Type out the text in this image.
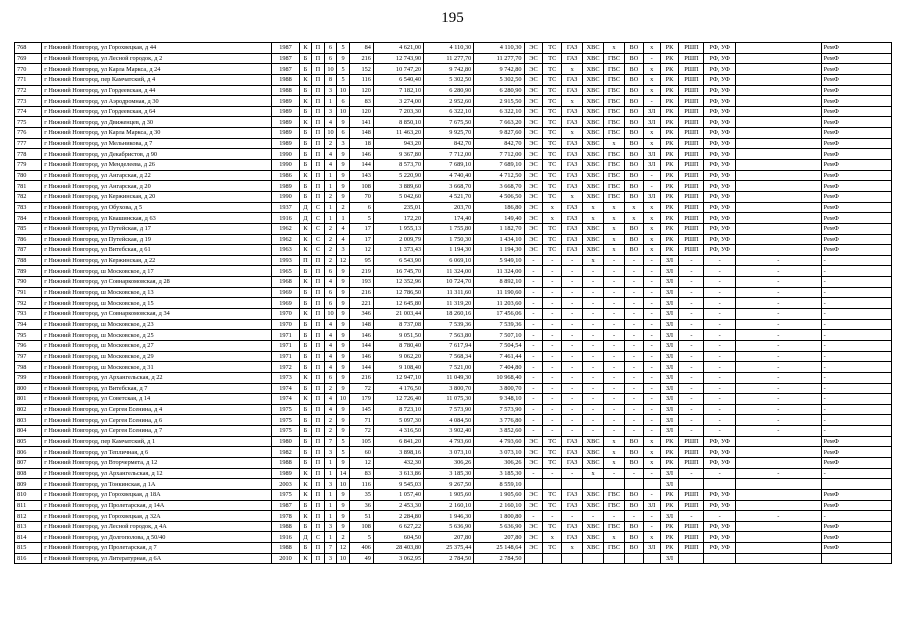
195
768	г Нижний Новгород, ул Горохвецкая, д 44	1987	К	П	6	5	84	4 621,00	4 110,30	4 110,30	ЭС	ТС	ГАЗ	ХВС	х	ВО	х	РК	РШП	РФ, УФ		РемФ
769	г Нижний Новгород, ул Лесной городок, д 2	1987	Б	П	6	9	216	12 743,90	11 277,70	11 277,70	ЭС	ТС	ГАЗ	ХВС	ГВС	ВО	-	РК	РШП	РФ, УФ		РемФ
770	г Нижний Новгород, ул Карла Маркса, д 24	1987	Б	П	10	5	152	10 747,20	9 742,80	9 742,80	ЭС	ТС	х	ХВС	ГВС	ВО	х	РК	РШП	РФ, УФ		РемФ
771	г Нижний Новгород, пер Камчатский, д 4	1988	К	П	8	5	116	6 540,40	5 302,50	5 302,50	ЭС	ТС	ГАЗ	ХВС	ГВС	ВО	х	РК	РШП	РФ, УФ		РемФ
772	г Нижний Новгород, ул Гордеевская, д 44	1988	Б	П	3	10	120	7 182,10	6 280,90	6 280,90	ЭС	ТС	ГАЗ	ХВС	ГВС	ВО	х	РК	РШП	РФ, УФ		РемФ
773	г Нижний Новгород, ул Аэродромная, д 30	1989	К	П	1	6	83	3 274,00	2 952,60	2 915,50	ЭС	ТС	х	ХВС	ГВС	ВО	-	РК	РШП	РФ, УФ		РемФ
774	г Нижний Новгород, ул Гордеевская, д 64	1989	Б	П	3	10	120	7 203,30	6 322,10	6 322,10	ЭС	ТС	ГАЗ	ХВС	ГВС	ВО	ЗЛ	РК	РШП	РФ, УФ		РемФ
775	г Нижний Новгород, ул Движенцев, д 30	1989	К	П	4	9	141	8 850,10	7 675,50	7 663,20	ЭС	ТС	ГАЗ	ХВС	ГВС	ВО	ЗЛ	РК	РШП	РФ, УФ		РемФ
776	г Нижний Новгород, ул Карла Маркса, д 30	1989	Б	П	10	6	148	11 463,20	9 925,70	9 827,60	ЭС	ТС	х	ХВС	ГВС	ВО	х	РК	РШП	РФ, УФ		РемФ
777	г Нижний Новгород, ул Мельникова, д 7	1989	Б	П	2	3	18	943,20	842,70	842,70	ЭС	ТС	ГАЗ	ХВС	х	ВО	х	РК	РШП	РФ, УФ		РемФ
778	г Нижний Новгород, ул Декабристов, д 90	1990	Б	П	4	9	146	9 367,80	7 712,00	7 712,00	ЭС	ТС	ГАЗ	ХВС	ГВС	ВО	ЗЛ	РК	РШП	РФ, УФ		РемФ
779	г Нижний Новгород, ул Менделеева, д 26	1990	Б	П	4	9	144	8 573,70	7 689,10	7 689,10	ЭС	ТС	ГАЗ	ХВС	ГВС	ВО	ЗЛ	РК	РШП	РФ, УФ		РемФ
780	г Нижний Новгород, ул Ангарская, д 22	1986	К	П	1	9	143	5 220,90	4 740,40	4 712,50	ЭС	ТС	ГАЗ	ХВС	ГВС	ВО	-	РК	РШП	РФ, УФ		РемФ
781	г Нижний Новгород, ул Ангарская, д 20	1989	Б	П	1	9	108	3 889,60	3 668,70	3 668,70	ЭС	ТС	ГАЗ	ХВС	ГВС	ВО	-	РК	РШП	РФ, УФ		РемФ
782	г Нижний Новгород, ул Кержинская, д 20	1990	Б	П	2	9	70	5 042,60	4 521,70	4 506,50	ЭС	ТС	х	ХВС	ГВС	ВО	ЗЛ	РК	РШП	РФ, УФ		РемФ
783	г Нижний Новгород, ул Обухова, д 5	1937	Д	С	1	2	6	235,01	203,70	186,80	ЭС	х	ГАЗ	х	х	х	х	РК	РШП	РФ, УФ		РемФ
784	г Нижний Новгород, ул Квашинская, д 63	1916	Д	С	1	1	5	172,20	174,40	149,40	ЭС	х	ГАЗ	х	х	х	х	РК	РШП	РФ, УФ		РемФ
785	г Нижний Новгород, ул Путейская, д 17	1962	К	С	2	4	17	1 955,13	1 755,80	1 182,70	ЭС	ТС	ГАЗ	ХВС	х	ВО	х	РК	РШП	РФ, УФ		РемФ
786	г Нижний Новгород, ул Путейская, д 19	1962	К	С	2	4	17	2 009,79	1 750,30	1 434,10	ЭС	ТС	ГАЗ	ХВС	х	ВО	х	РК	РШП	РФ, УФ		РемФ
787	г Нижний Новгород, ул Витебская, д 61	1963	К	С	2	3	12	1 373,43	1 194,30	1 194,30	ЭС	ТС	ГАЗ	ХВС	х	ВО	х	РК	РШП	РФ, УФ		РемФ
788	г Нижний Новгород, ул Кержинская, д 22	1993	П	П	2	12	95	6 543,90	6 069,10	5 949,10	-	-	-	х	-	-	-	ЗЛ	-	-	-	-
789	г Нижний Новгород, ш Московское, д 17	1965	Б	П	6	9	219	16 745,70	11 324,00	11 324,00	-	-	-	-	-	-	-	ЗЛ	-	-	-	-
790	г Нижний Новгород, ул Совнаркомовская, д 28	1968	К	П	4	9	193	12 352,96	10 724,70	8 892,10	-	-	-	-	-	-	-	ЗЛ	-	-	-	-
791	г Нижний Новгород, ш Московское, д 13	1969	Б	П	6	9	216	12 786,50	11 311,60	11 190,60	-	-	-	-	-	-	-	ЗЛ	-	-	-	-
792	г Нижний Новгород, ш Московское, д 15	1969	Б	П	6	9	221	12 645,80	11 319,20	11 203,60	-	-	-	-	-	-	-	ЗЛ	-	-	-	-
793	г Нижний Новгород, ул Совнаркомовская, д 34	1970	К	П	10	9	346	21 003,44	18 260,16	17 456,06	-	-	-	-	-	-	-	ЗЛ	-	-	-	-
794	г Нижний Новгород, ш Московское, д 23	1970	Б	П	4	9	148	8 737,08	7 539,36	7 539,36	-	-	-	-	-	-	-	ЗЛ	-	-	-	-
795	г Нижний Новгород, ш Московское, д 25	1971	Б	П	4	9	146	9 051,50	7 563,80	7 507,10	-	-	-	-	-	-	-	ЗЛ	-	-	-	-
796	г Нижний Новгород, ш Московское, д 27	1971	Б	П	4	9	144	8 780,40	7 617,94	7 504,54	-	-	-	-	-	-	-	ЗЛ	-	-	-	-
797	г Нижний Новгород, ш Московское, д 29	1971	Б	П	4	9	146	9 062,20	7 568,34	7 461,44	-	-	-	-	-	-	-	ЗЛ	-	-	-	-
798	г Нижний Новгород, ш Московское, д 31	1972	Б	П	4	9	144	9 108,40	7 521,00	7 404,80	-	-	-	-	-	-	-	ЗЛ	-	-	-	-
799	г Нижний Новгород, ул Архангельская, д 22	1973	К	П	6	9	216	12 947,10	11 049,30	10 968,40	-	-	-	-	-	-	-	ЗЛ	-	-	-	-
800	г Нижний Новгород, ул Витебская, д 7	1974	Б	П	2	9	72	4 176,50	3 800,70	3 800,70	-	-	-	-	-	-	-	ЗЛ	-	-	-	-
801	г Нижний Новгород, ул Советская, д 14	1974	К	П	4	10	179	12 726,40	11 075,30	9 348,10	-	-	-	-	-	-	-	ЗЛ	-	-	-	-
802	г Нижний Новгород, ул Сергея Есенина, д 4	1975	Б	П	4	9	145	8 723,10	7 573,90	7 573,90	-	-	-	-	-	-	-	ЗЛ	-	-	-	-
803	г Нижний Новгород, ул Сергея Есенина, д 6	1975	Б	П	2	9	71	5 097,30	4 084,50	3 776,80	-	-	-	-	-	-	-	ЗЛ	-	-	-	-
804	г Нижний Новгород, ул Сергея Есенина, д 7	1975	Б	П	2	9	72	4 316,50	3 902,40	3 852,60	-	-	-	-	-	-	-	ЗЛ	-	-	-	-
805	г Нижний Новгород, пер Камчатский, д 1	1980	Б	П	7	5	105	6 841,20	4 793,60	4 793,60	ЭС	ТС	ГАЗ	ХВС	х	ВО	х	РК	РШП	РФ, УФ		РемФ
806	г Нижний Новгород, ул Тепличная, д 6	1982	Б	П	3	5	60	3 898,16	3 073,10	3 073,10	ЭС	ТС	ГАЗ	ХВС	х	ВО	х	РК	РШП	РФ, УФ		РемФ
807	г Нижний Новгород, ул Вторчермета, д 12	1988	Б	П	1	9	12	432,30	306,26	306,26	ЭС	ТС	ГАЗ	ХВС	х	ВО	х	РК	РШП	РФ, УФ		РемФ
808	г Нижний Новгород, ул Архангельская, д 12	1989	К	П	1	14	83	3 613,86	3 185,30	3 185,30	-	-	-	х	-	-	-	ЗЛ	-	-	-	-
809	г Нижний Новгород, ул Тонкинская, д 1А	2003	К	П	3	10	116	9 545,03	9 267,50	8 559,10								ЗЛ				
810	г Нижний Новгород, ул Горохвецкая, д 18А	1975	К	П	1	9	35	1 057,40	1 905,60	1 905,60	ЭС	ТС	ГАЗ	ХВС	ГВС	ВО	-	РК	РШП	РФ, УФ		РемФ
811	г Нижний Новгород, ул Пролетарская, д 14А	1987	Б	П	1	9	36	2 453,30	2 160,10	2 160,10	ЭС	ТС	ГАЗ	ХВС	ГВС	ВО	ЗЛ	РК	РШП	РФ, УФ		РемФ
812	г Нижний Новгород, ул Горохвецкая, д 32А	1978	К	П	1	9	51	2 284,80	1 946,30	1 800,80	-	-	-	-	-	-	-	ЗЛ	-	-	-	-
813	г Нижний Новгород, ул Лесной городок, д 4А	1988	Б	П	3	9	108	6 627,22	5 636,90	5 636,90	ЭС	ТС	ГАЗ	ХВС	ГВС	ВО	-	РК	РШП	РФ, УФ		РемФ
814	г Нижний Новгород, ул Долгополова, д 50/40	1916	Д	С	1	2	5	604,50	207,80	207,80	ЭС	х	ГАЗ	ХВС	х	ВО	х	РК	РШП	РФ, УФ		РемФ
815	г Нижний Новгород, ул Пролетарская, д 7	1988	Б	П	7	12	406	28 403,80	25 375,44	25 148,64	ЭС	ТС	х	ХВС	ГВС	ВО	ЗЛ	РК	РШП	РФ, УФ		РемФ
816	г Нижний Новгород, ул Литературная, д 6А	2010	К	П	3	10	49	3 062,95	2 784,50	2 784,50								ЗЛ				
